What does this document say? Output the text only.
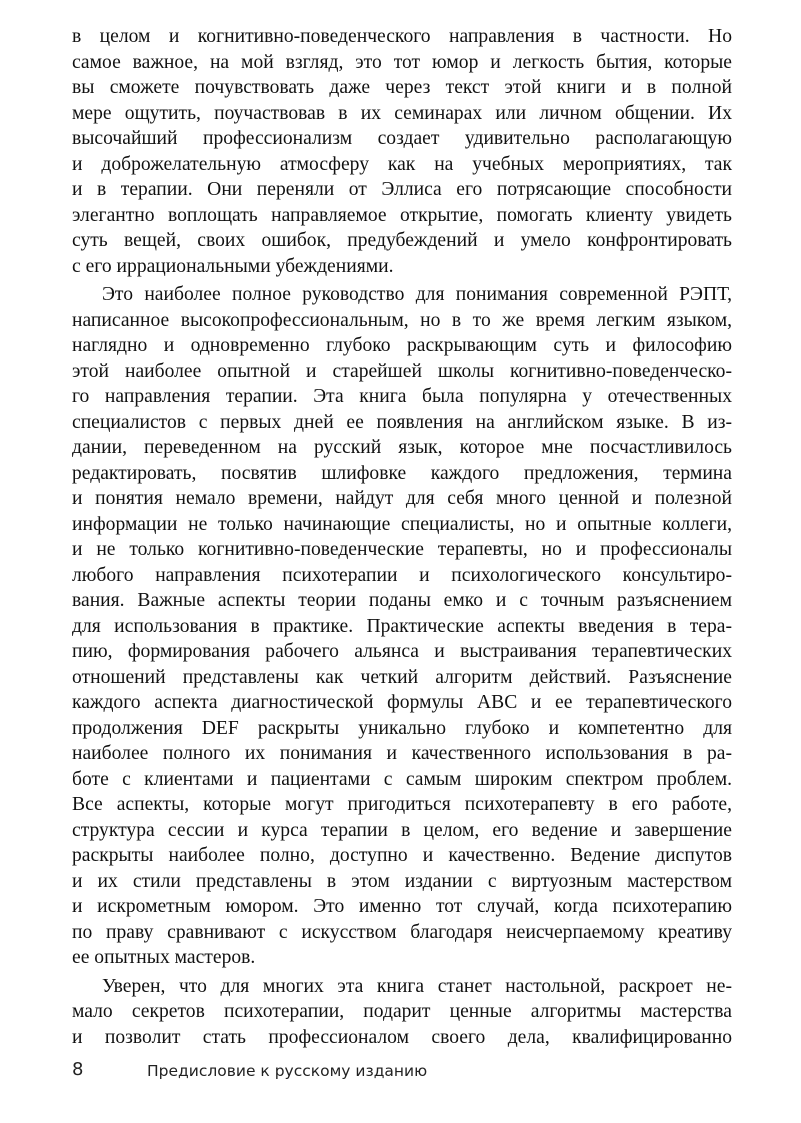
в целом и когнитивно-поведенческого направления в частности. Но
самое важное, на мой взгляд, это тот юмор и легкость бытия, которые
вы сможете почувствовать даже через текст этой книги и в полной
мере ощутить, поучаствовав в их семинарах или личном общении. Их
высочайший профессионализм создает удивительно располагающую
и доброжелательную атмосферу как на учебных мероприятиях, так
и в терапии. Они переняли от Эллиса его потрясающие способности
элегантно воплощать направляемое открытие, помогать клиенту увидеть
суть вещей, своих ошибок, предубеждений и умело конфронтировать
с его иррациональными убеждениями.
Это наиболее полное руководство для понимания современной РЭПТ,
написанное высокопрофессиональным, но в то же время легким языком,
наглядно и одновременно глубоко раскрывающим суть и философию
этой наиболее опытной и старейшей школы когнитивно-поведенческо-
го направления терапии. Эта книга была популярна у отечественных
специалистов с первых дней ее появления на английском языке. В из-
дании, переведенном на русский язык, которое мне посчастливилось
редактировать, посвятив шлифовке каждого предложения, термина
и понятия немало времени, найдут для себя много ценной и полезной
информации не только начинающие специалисты, но и опытные коллеги,
и не только когнитивно-поведенческие терапевты, но и профессионалы
любого направления психотерапии и психологического консультиро-
вания. Важные аспекты теории поданы емко и с точным разъяснением
для использования в практике. Практические аспекты введения в тера-
пию, формирования рабочего альянса и выстраивания терапевтических
отношений представлены как четкий алгоритм действий. Разъяснение
каждого аспекта диагностической формулы ABC и ее терапевтического
продолжения DEF раскрыты уникально глубоко и компетентно для
наиболее полного их понимания и качественного использования в ра-
боте с клиентами и пациентами с самым широким спектром проблем.
Все аспекты, которые могут пригодиться психотерапевту в его работе,
структура сессии и курса терапии в целом, его ведение и завершение
раскрыты наиболее полно, доступно и качественно. Ведение диспутов
и их стили представлены в этом издании с виртуозным мастерством
и искрометным юмором. Это именно тот случай, когда психотерапию
по праву сравнивают с искусством благодаря неисчерпаемому креативу
ее опытных мастеров.
Уверен, что для многих эта книга станет настольной, раскроет не-
мало секретов психотерапии, подарит ценные алгоритмы мастерства
и позволит стать профессионалом своего дела, квалифицированно
8	Предисловие к русскому изданию
